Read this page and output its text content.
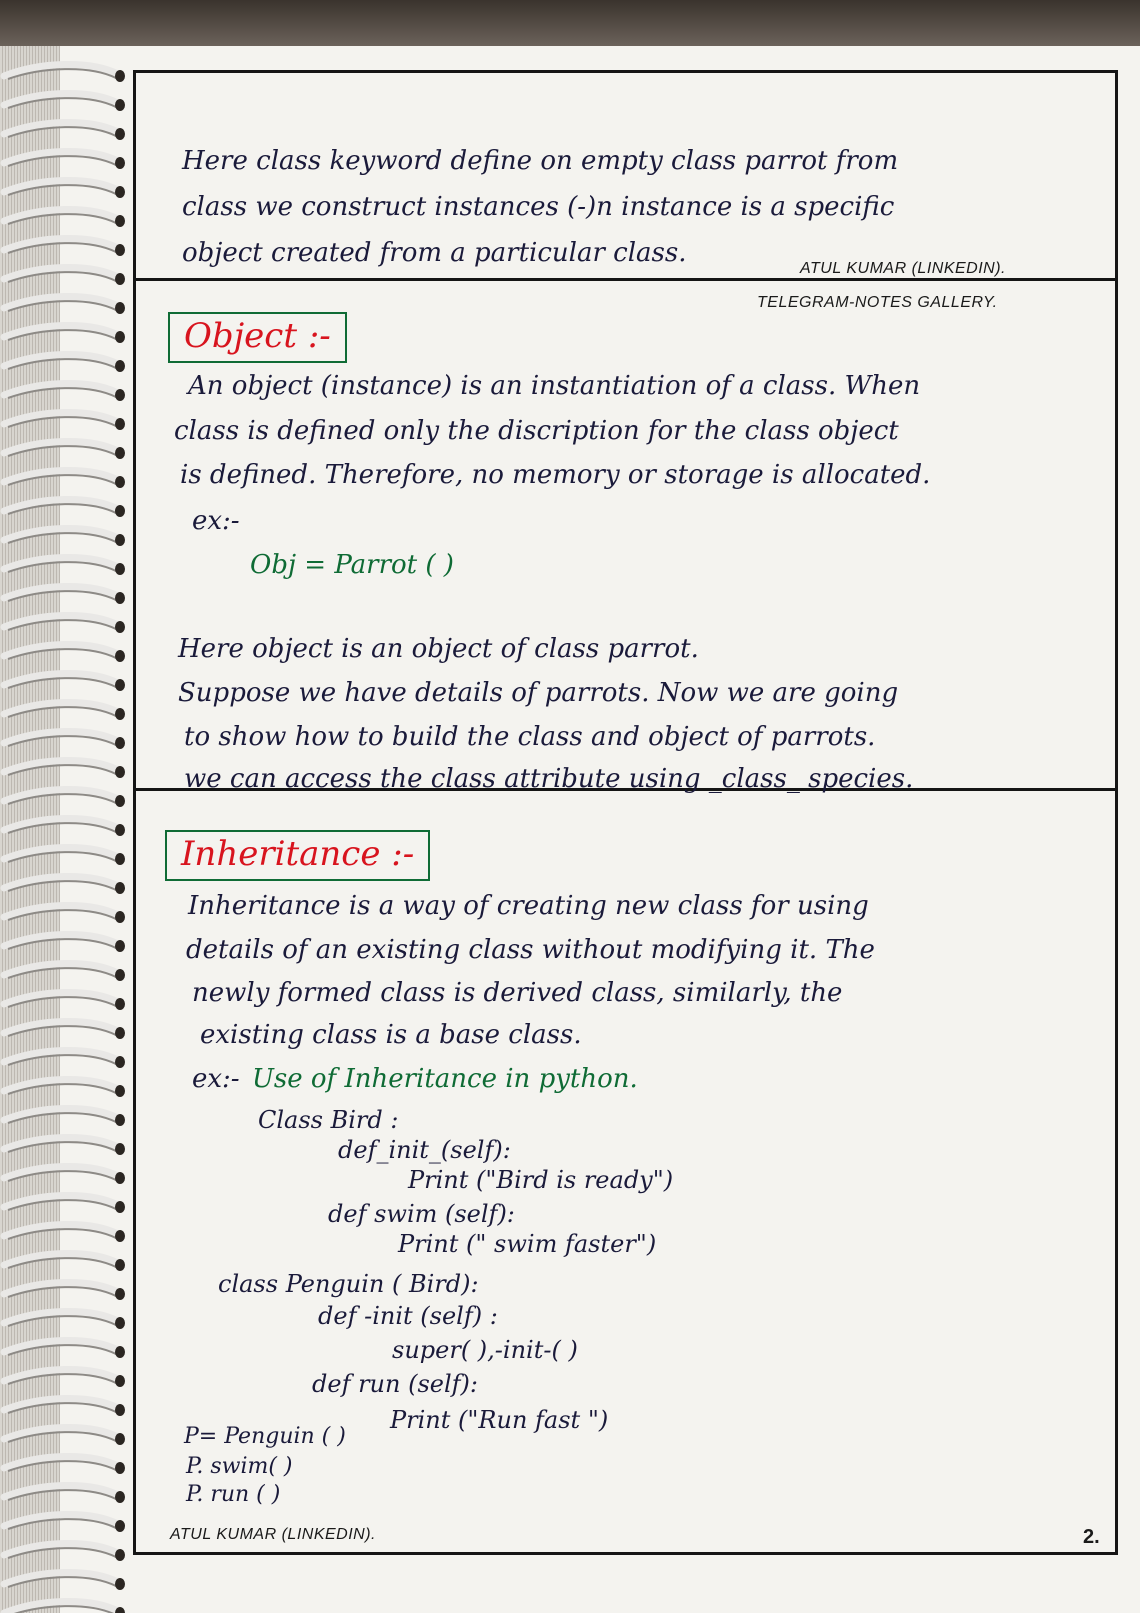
Here class keyword define on empty class parrot from
class we construct instances (-)n instance is a specific
object created from a particular class.
ATUL KUMAR (LINKEDIN).
TELEGRAM-NOTES GALLERY.
Object :-
An object (instance) is an instantiation of a class. When
class is defined only the discription for the class object
is defined. Therefore, no memory or storage is allocated.
ex:-
Obj = Parrot ( )
Here object is an object of class parrot.
Suppose we have details of parrots. Now we are going
to show how to build the class and object of parrots.
we can access the class attribute using _class_ species.
Inheritance :-
Inheritance is a way of creating new class for using
details of an existing class without modifying it. The
newly formed class is derived class, similarly, the
existing class is a base class.
ex:- Use of Inheritance in python.
Class Bird :
def_init_(self):
Print ("Bird is ready")
def swim (self):
Print (" swim faster")
class Penguin ( Bird):
def -init (self) :
super( ),-init-( )
def run (self):
Print ("Run fast ")
P= Penguin ( )
P. swim( )
P. run ( )
ATUL KUMAR (LINKEDIN).	2.
